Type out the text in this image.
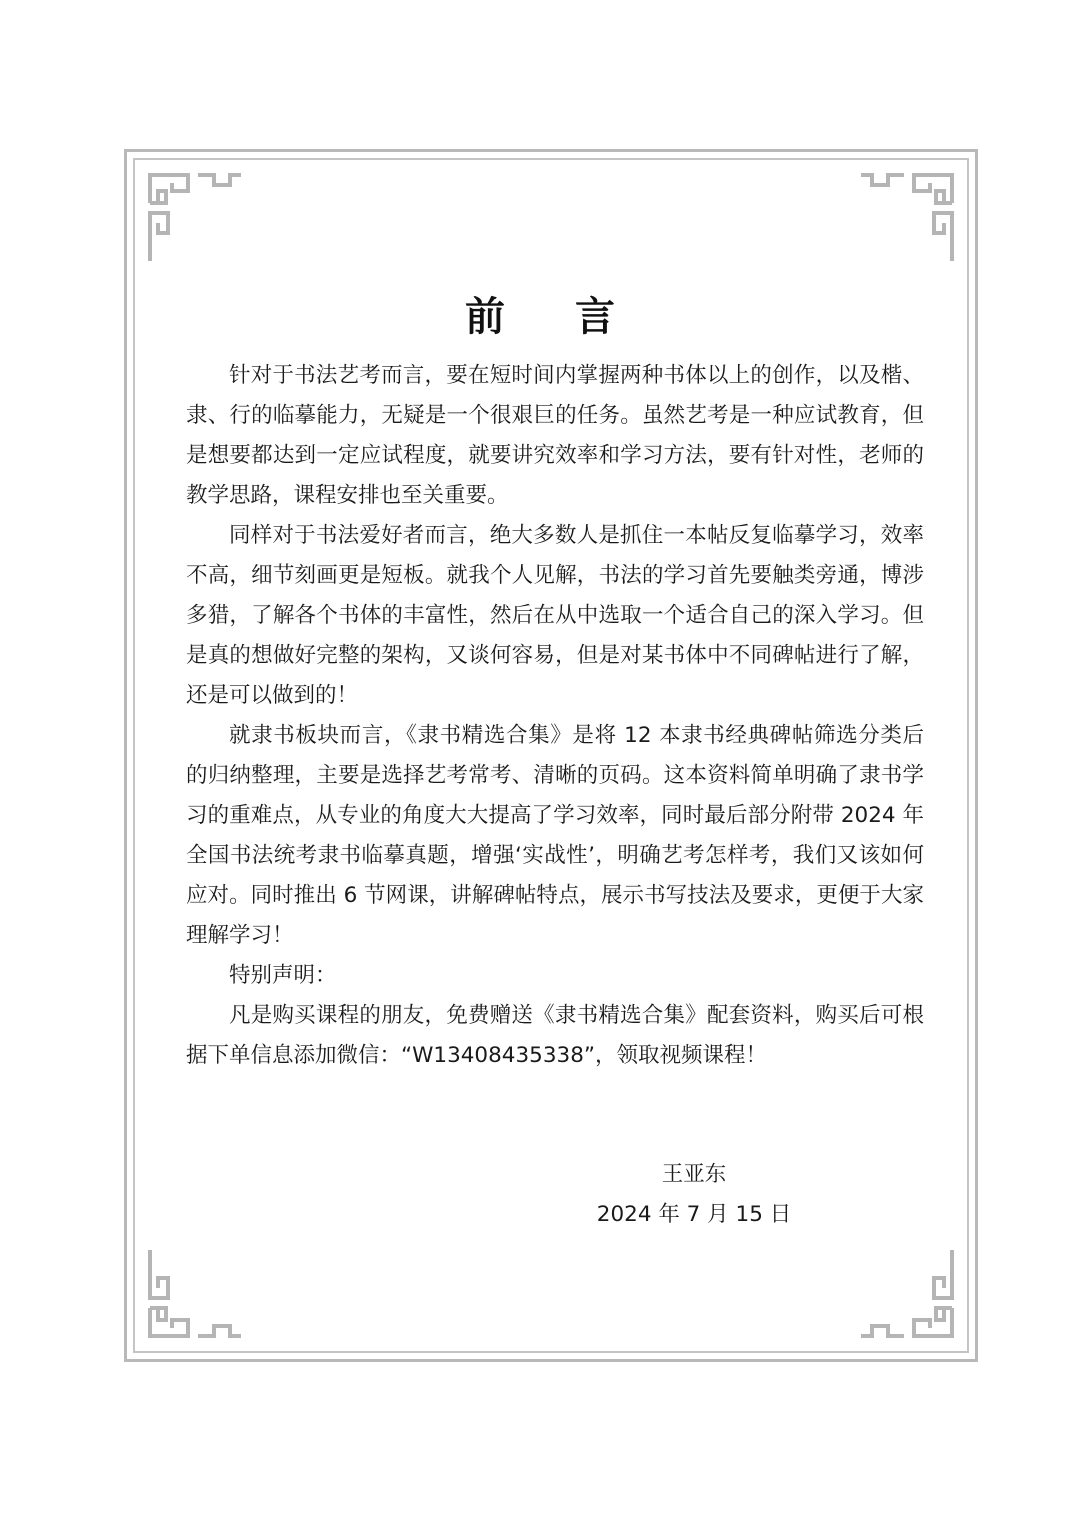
前 言

针对于书法艺考而言，要在短时间内掌握两种书体以上的创作，以及楷、隶、行的临摹能力，无疑是一个很艰巨的任务。虽然艺考是一种应试教育，但是想要都达到一定应试程度，就要讲究效率和学习方法，要有针对性，老师的教学思路，课程安排也至关重要。

同样对于书法爱好者而言，绝大多数人是抓住一本帖反复临摹学习，效率不高，细节刻画更是短板。就我个人见解，书法的学习首先要触类旁通，博涉多猎，了解各个书体的丰富性，然后在从中选取一个适合自己的深入学习。但是真的想做好完整的架构，又谈何容易，但是对某书体中不同碑帖进行了解，还是可以做到的！

就隶书板块而言，《隶书精选合集》是将 12 本隶书经典碑帖筛选分类后的归纳整理，主要是选择艺考常考、清晰的页码。这本资料简单明确了隶书学习的重难点，从专业的角度大大提高了学习效率，同时最后部分附带 2024 年全国书法统考隶书临摹真题，增强‘实战性’，明确艺考怎样考，我们又该如何应对。同时推出 6 节网课，讲解碑帖特点，展示书写技法及要求，更便于大家理解学习！

特别声明：

凡是购买课程的朋友，免费赠送《隶书精选合集》配套资料，购买后可根据下单信息添加微信：“W13408435338”，领取视频课程！

王亚东
2024 年 7 月 15 日
